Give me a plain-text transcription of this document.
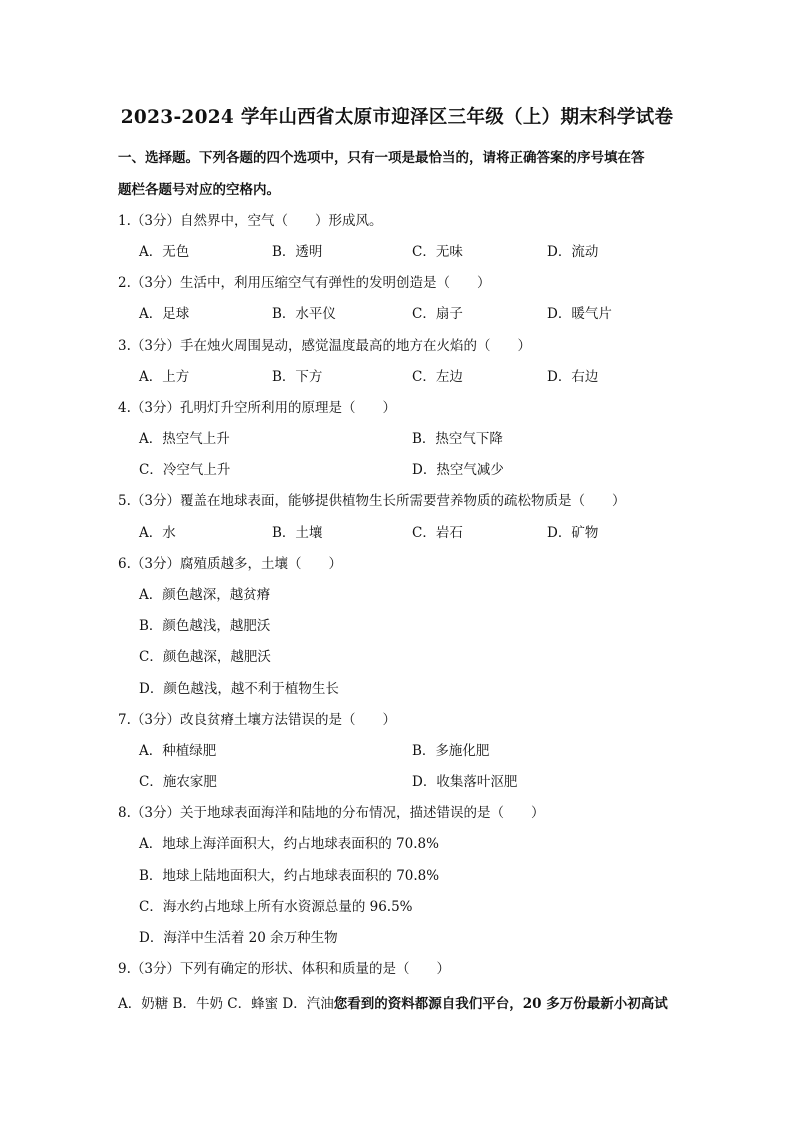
2023-2024 学年山西省太原市迎泽区三年级（上）期末科学试卷
一、选择题。下列各题的四个选项中，只有一项是最恰当的，请将正确答案的序号填在答
题栏各题号对应的空格内。
1.（3分）自然界中，空气（　　）形成风。
A．无色	B．透明	C．无味	D．流动
2.（3分）生活中，利用压缩空气有弹性的发明创造是（　　）
A．足球	B．水平仪	C．扇子	D．暖气片
3.（3分）手在烛火周围晃动，感觉温度最高的地方在火焰的（　　）
A．上方	B．下方	C．左边	D．右边
4.（3分）孔明灯升空所利用的原理是（　　）
A．热空气上升	B．热空气下降
C．冷空气上升	D．热空气减少
5.（3分）覆盖在地球表面，能够提供植物生长所需要营养物质的疏松物质是（　　）
A．水	B．土壤	C．岩石	D．矿物
6.（3分）腐殖质越多，土壤（　　）
A．颜色越深，越贫瘠
B．颜色越浅，越肥沃
C．颜色越深，越肥沃
D．颜色越浅，越不利于植物生长
7.（3分）改良贫瘠土壤方法错误的是（　　）
A．种植绿肥	B．多施化肥
C．施农家肥	D．收集落叶沤肥
8.（3分）关于地球表面海洋和陆地的分布情况，描述错误的是（　　）
A．地球上海洋面积大，约占地球表面积的 70.8%
B．地球上陆地面积大，约占地球表面积的 70.8%
C．海水约占地球上所有水资源总量的 96.5%
D．海洋中生活着 20 余万种生物
9.（3分）下列有确定的形状、体积和质量的是（　　）
A．奶糖 B．牛奶 C．蜂蜜 D．汽油您看到的资料都源自我们平台，20 多万份最新小初高试
